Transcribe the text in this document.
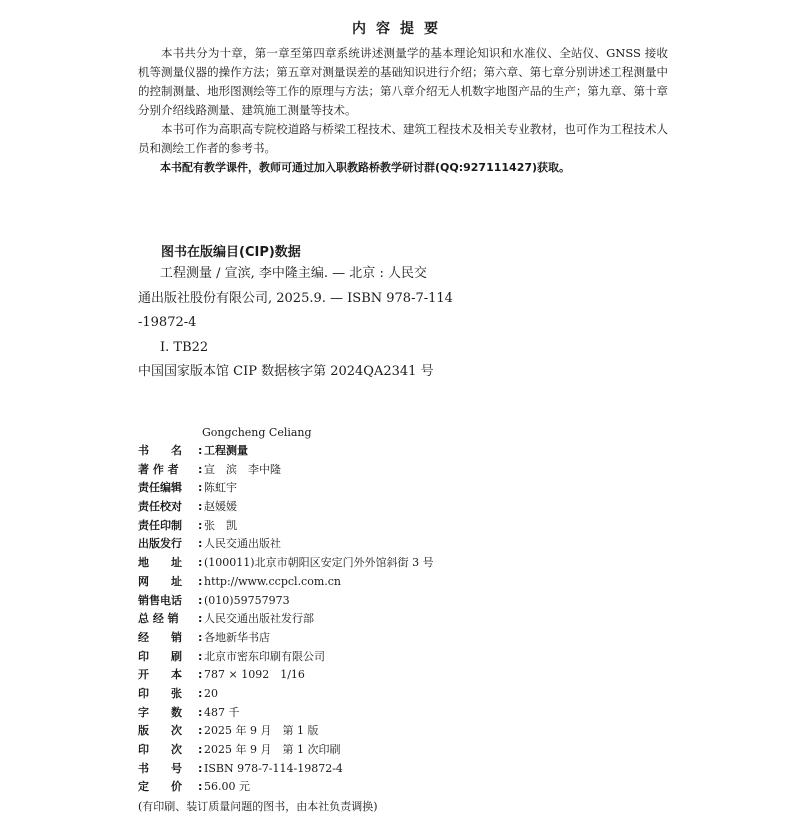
内容提要

本书共分为十章，第一章至第四章系统讲述测量学的基本理论知识和水准仪、全站仪、GNSS 接收机等测量仪器的操作方法；第五章对测量误差的基础知识进行介绍；第六章、第七章分别讲述工程测量中的控制测量、地形图测绘等工作的原理与方法；第八章介绍无人机数字地图产品的生产；第九章、第十章分别介绍线路测量、建筑施工测量等技术。

本书可作为高职高专院校道路与桥梁工程技术、建筑工程技术及相关专业教材，也可作为工程技术人员和测绘工作者的参考书。

本书配有教学课件，教师可通过加入职教路桥教学研讨群(QQ:927111427)获取。

图书在版编目(CIP)数据
工程测量 / 宣滨, 李中隆主编. — 北京 : 人民交
通出版社股份有限公司, 2025.9. — ISBN 978-7-114
-19872-4
Ⅰ. TB22
中国国家版本馆 CIP 数据核字第 2024QA2341 号
Gongcheng Celiang
书　　名	: 工程测量
著 作 者	: 宣　滨　李中隆
责任编辑	: 陈虹宇
责任校对	: 赵媛媛
责任印制	: 张　凯
出版发行	: 人民交通出版社
地　　址	: (100011)北京市朝阳区安定门外外馆斜街 3 号
网　　址	: http://www.ccpcl.com.cn
销售电话	: (010)59757973
总 经 销	: 人民交通出版社发行部
经　　销	: 各地新华书店
印　　刷	: 北京市密东印刷有限公司
开　　本	: 787 × 1092　1/16
印　　张	: 20
字　　数	: 487 千
版　　次	: 2025 年 9 月　第 1 版
印　　次	: 2025 年 9 月　第 1 次印刷
书　　号	: ISBN 978-7-114-19872-4
定　　价	: 56.00 元
(有印刷、装订质量问题的图书，由本社负责调换)
